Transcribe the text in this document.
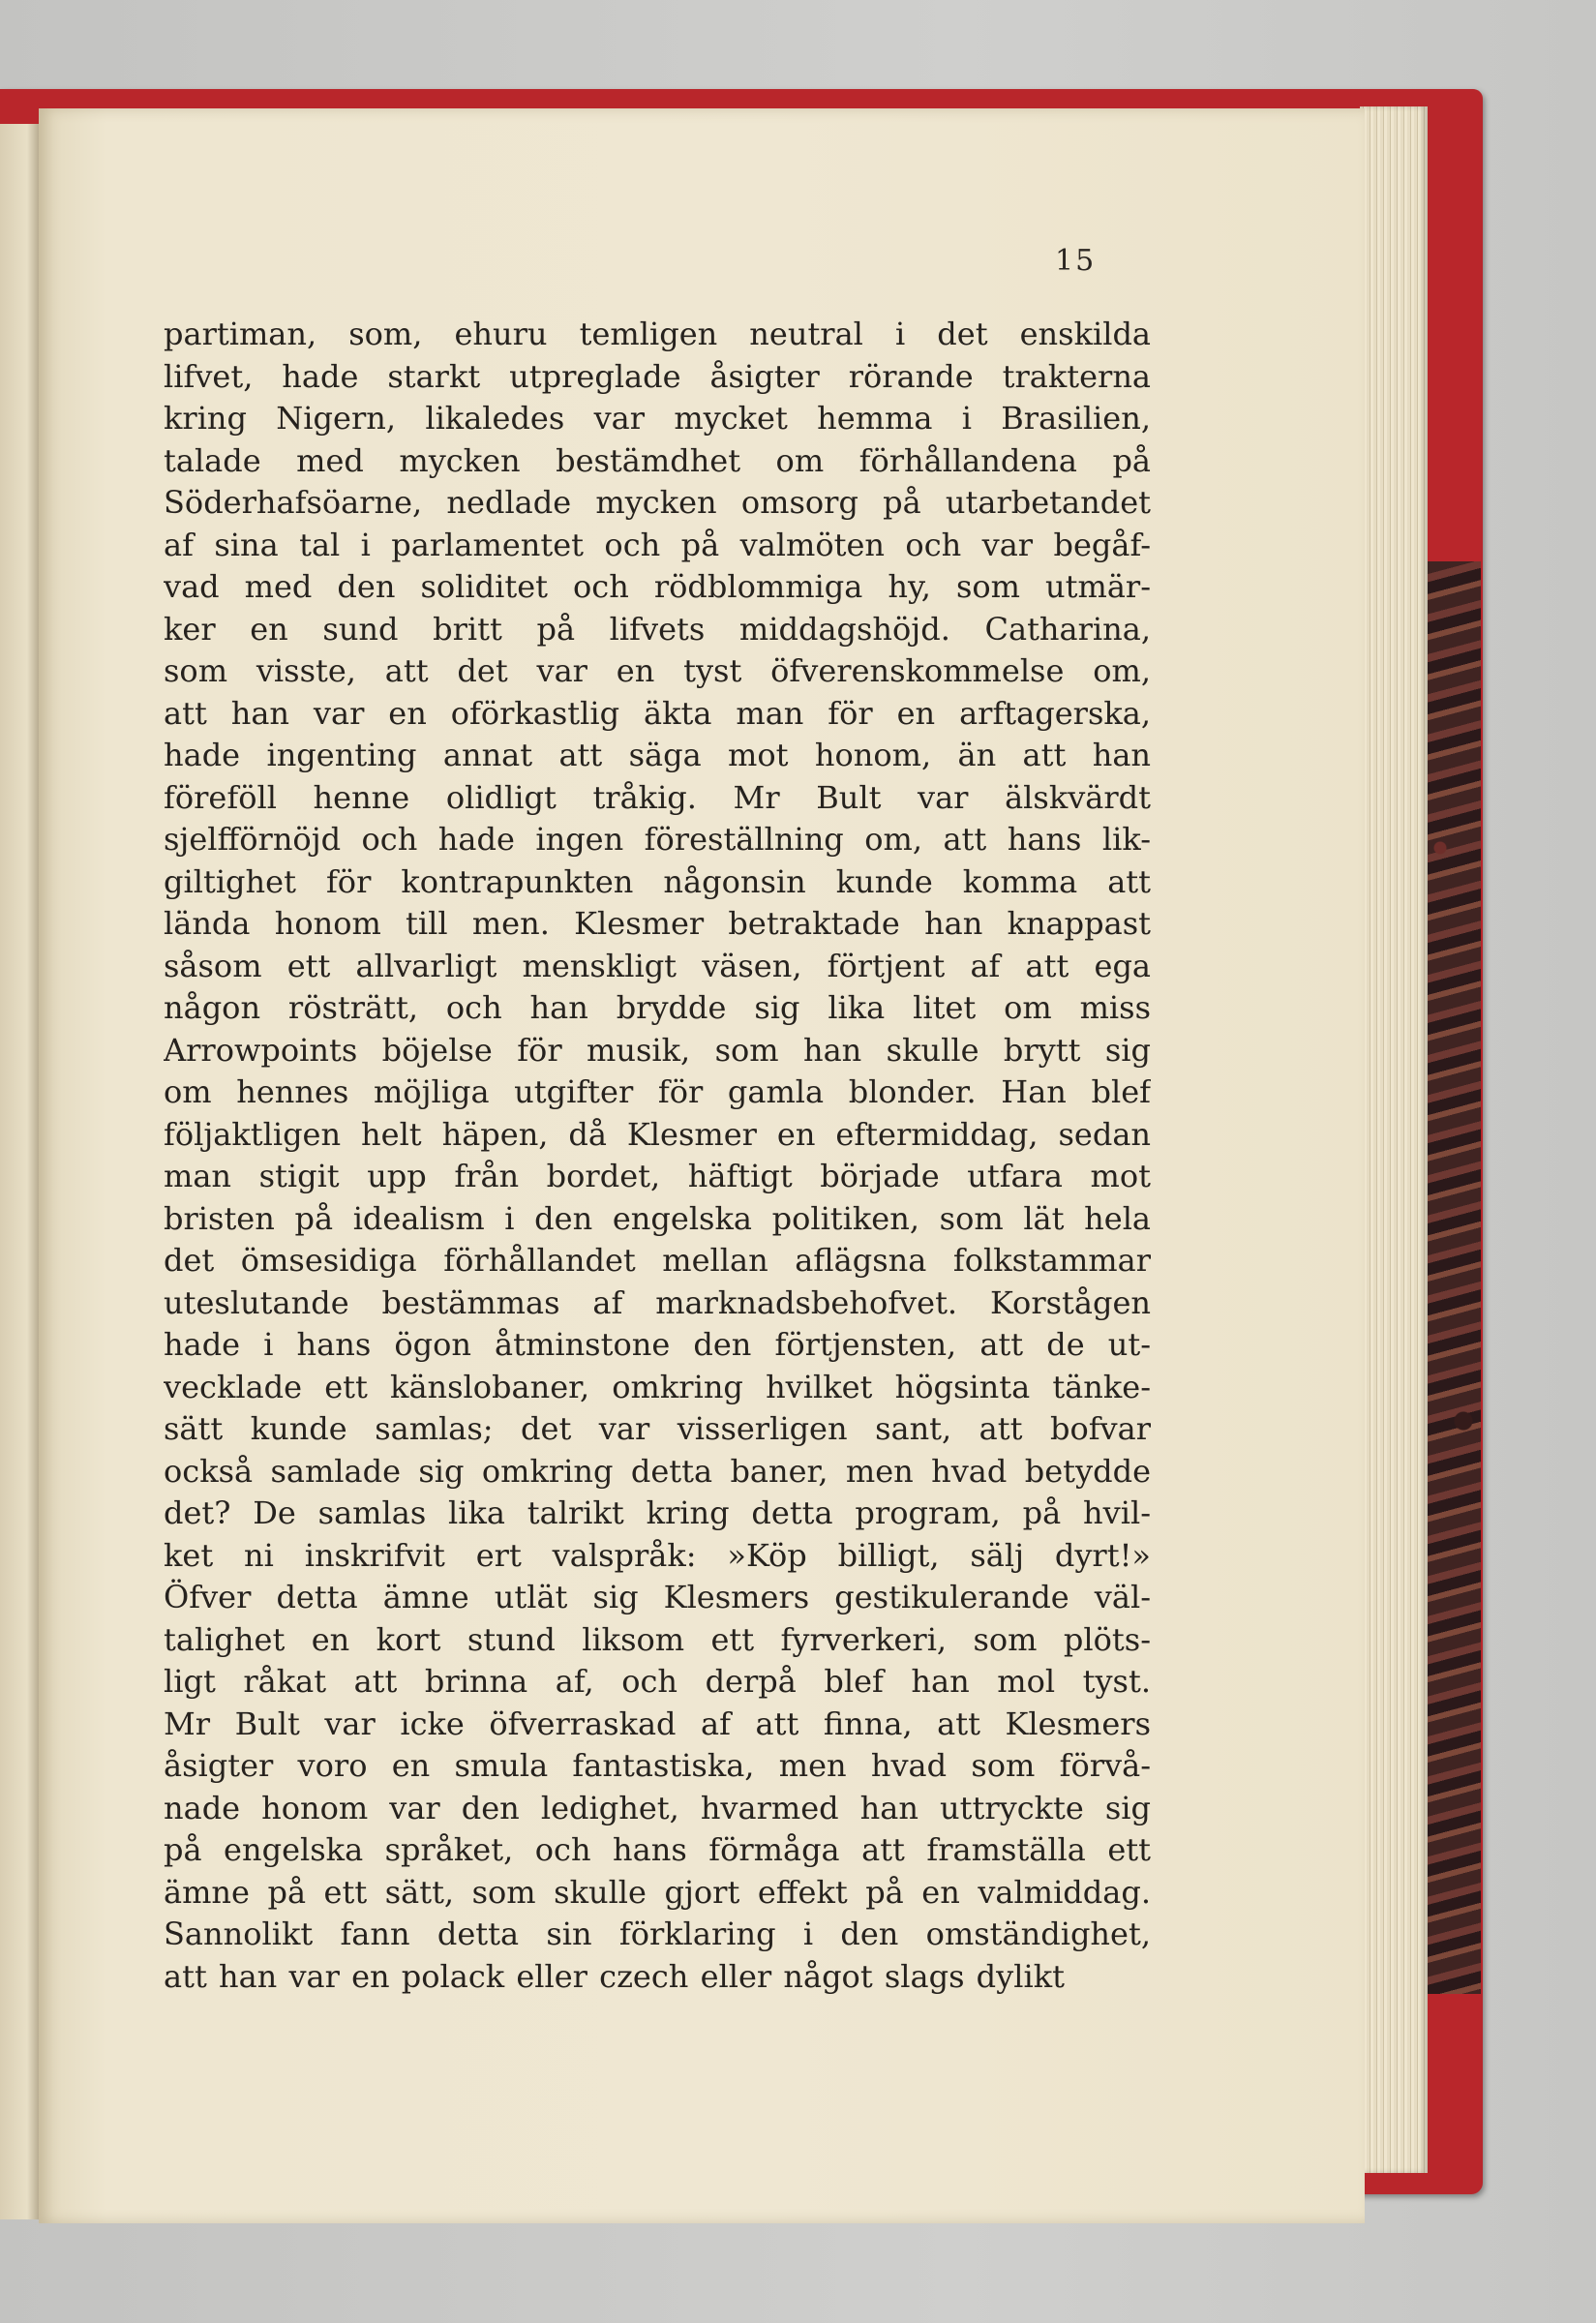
15
partiman, som, ehuru temligen neutral i det enskilda
lifvet, hade starkt utpreglade åsigter rörande trakterna
kring Nigern, likaledes var mycket hemma i Brasilien,
talade med mycken bestämdhet om förhållandena på
Söderhafsöarne, nedlade mycken omsorg på utarbetandet
af sina tal i parlamentet och på valmöten och var begåf-
vad med den soliditet och rödblommiga hy, som utmär-
ker en sund britt på lifvets middagshöjd. Catharina,
som visste, att det var en tyst öfverenskommelse om,
att han var en oförkastlig äkta man för en arftagerska,
hade ingenting annat att säga mot honom, än att han
föreföll henne olidligt tråkig. Mr Bult var älskvärdt
sjelfförnöjd och hade ingen föreställning om, att hans lik-
giltighet för kontrapunkten någonsin kunde komma att
lända honom till men. Klesmer betraktade han knappast
såsom ett allvarligt menskligt väsen, förtjent af att ega
någon rösträtt, och han brydde sig lika litet om miss
Arrowpoints böjelse för musik, som han skulle brytt sig
om hennes möjliga utgifter för gamla blonder. Han blef
följaktligen helt häpen, då Klesmer en eftermiddag, sedan
man stigit upp från bordet, häftigt började utfara mot
bristen på idealism i den engelska politiken, som lät hela
det ömsesidiga förhållandet mellan aflägsna folkstammar
uteslutande bestämmas af marknadsbehofvet. Korstågen
hade i hans ögon åtminstone den förtjensten, att de ut-
vecklade ett känslobaner, omkring hvilket högsinta tänke-
sätt kunde samlas; det var visserligen sant, att bofvar
också samlade sig omkring detta baner, men hvad betydde
det? De samlas lika talrikt kring detta program, på hvil-
ket ni inskrifvit ert valspråk: »Köp billigt, sälj dyrt!»
Öfver detta ämne utlät sig Klesmers gestikulerande väl-
talighet en kort stund liksom ett fyrverkeri, som plöts-
ligt råkat att brinna af, och derpå blef han mol tyst.
Mr Bult var icke öfverraskad af att finna, att Klesmers
åsigter voro en smula fantastiska, men hvad som förvå-
nade honom var den ledighet, hvarmed han uttryckte sig
på engelska språket, och hans förmåga att framställa ett
ämne på ett sätt, som skulle gjort effekt på en valmiddag.
Sannolikt fann detta sin förklaring i den omständighet,
att han var en polack eller czech eller något slags dylikt
